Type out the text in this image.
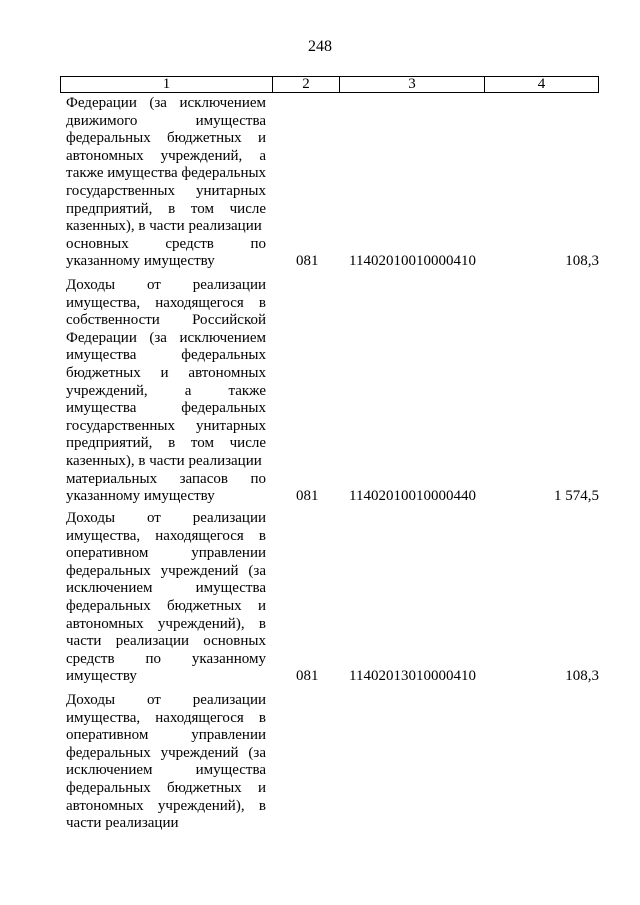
248
1	2	3	4
Федерации (за исключением
движимого имущества
федеральных бюджетных и
автономных учреждений, а
также имущества федеральных
государственных унитарных
предприятий, в том числе
казенных), в части реализации
основных средств по
указанному имуществу	081 11402010010000410	108,3
Доходы от реализации
имущества, находящегося в
собственности Российской
Федерации (за исключением
имущества федеральных
бюджетных и автономных
учреждений, а также
имущества федеральных
государственных унитарных
предприятий, в том числе
казенных), в части реализации
материальных запасов по
указанному имуществу	081 11402010010000440	1 574,5
Доходы от реализации
имущества, находящегося в
оперативном управлении
федеральных учреждений (за
исключением имущества
федеральных бюджетных и
автономных учреждений), в
части реализации основных
средств по указанному
имуществу	081 11402013010000410	108,3
Доходы от реализации
имущества, находящегося в
оперативном управлении
федеральных учреждений (за
исключением имущества
федеральных бюджетных и
автономных учреждений), в
части реализации
